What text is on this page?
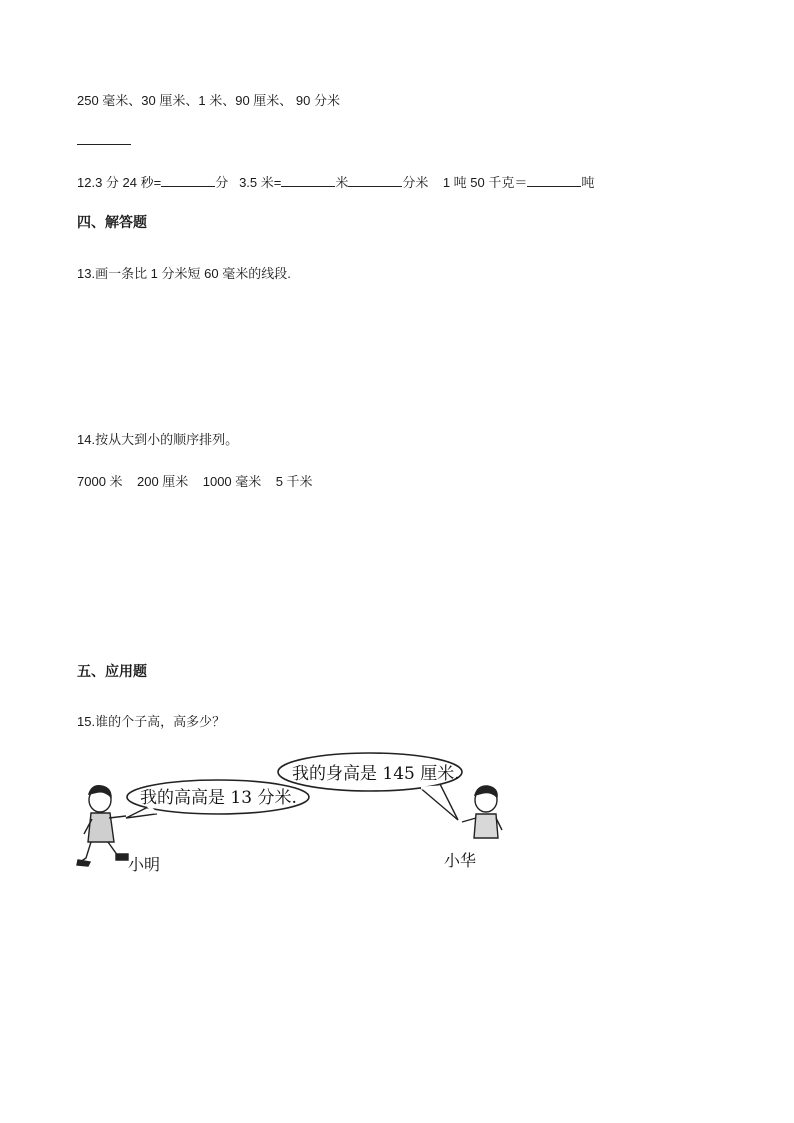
250 毫米、30 厘米、1 米、90 厘米、 90 分米
12.3 分 24 秒=	分 3.5 米=	米	分米 1 吨 50 千克＝	吨
四、解答题
13.画一条比 1 分米短 60 毫米的线段.
14.按从大到小的顺序排列。
7000 米    200 厘米    1000 毫米    5 千米
五、应用题
15.谁的个子高，高多少？
我的高高是 13 分米.
小明
我的身高是 145 厘米.
小华
